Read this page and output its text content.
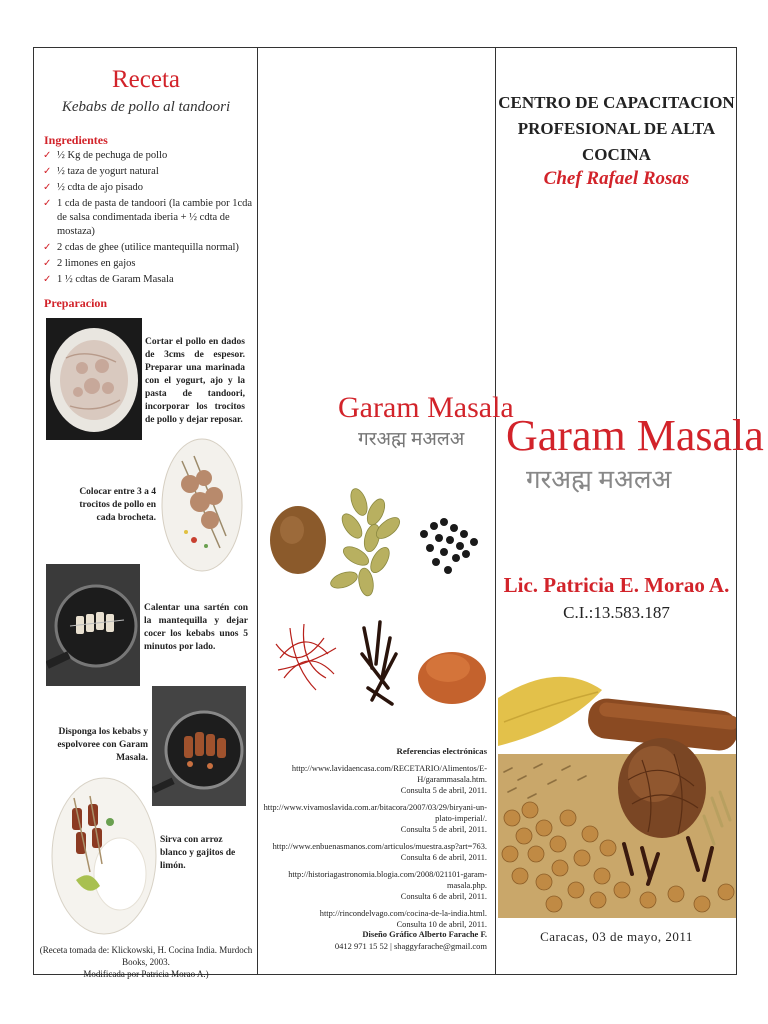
Receta
Kebabs de pollo al tandoori
Ingredientes
✓ ½ Kg de pechuga de pollo
✓ ½ taza de yogurt natural
✓ ½ cdta de ajo pisado
✓ 1 cda de pasta de tandoori (la cambie por 1cda de salsa condimentada iberia + ½ cdta de mostaza)
✓ 2 cdas de ghee (utilice mantequilla normal)
✓ 2 limones en gajos
✓ 1 ½ cdtas de Garam Masala
Preparacion
Cortar el pollo en dados de 3cms de espesor. Preparar una marinada con el yogurt, ajo y la pasta de tandoori, incorporar los trocitos de pollo y dejar reposar.
Colocar entre 3 a 4 trocitos de pollo en cada brocheta.
Calentar una sartén con la mantequilla y dejar cocer los kebabs unos 5 minutos por lado.
Disponga los kebabs y espolvoree con Garam Masala.
Sirva con arroz blanco y gajitos de limón.
(Receta tomada de: Klickowski, H. Cocina India. Murdoch Books, 2003.
Modificada por Patricia Morao A.)
Garam Masala
गरअह्म मअलअ
Referencias electrónicas
http://www.lavidaencasa.com/RECETARIO/Alimentos/E-H/garammasala.htm.
Consulta 5 de abril, 2011.
http://www.vivamoslavida.com.ar/bitacora/2007/03/29/biryani-un-plato-imperial/.
Consulta 5 de abril, 2011.
http://www.enbuenasmanos.com/articulos/muestra.asp?art=763.
Consulta 6 de abril, 2011.
http://historiagastronomia.blogia.com/2008/021101-garam-masala.php.
Consulta 6 de abril, 2011.
http://rincondelvago.com/cocina-de-la-india.html.
Consulta 10 de abril, 2011.
Diseño Gráfico Alberto Farache F.
0412 971 15 52 | shaggyfarache@gmail.com
CENTRO DE CAPACITACION
PROFESIONAL DE ALTA COCINA
Chef Rafael Rosas
Garam Masala
गरअह्म मअलअ
Lic. Patricia E. Morao A.
C.I.:13.583.187
Caracas, 03 de mayo, 2011
